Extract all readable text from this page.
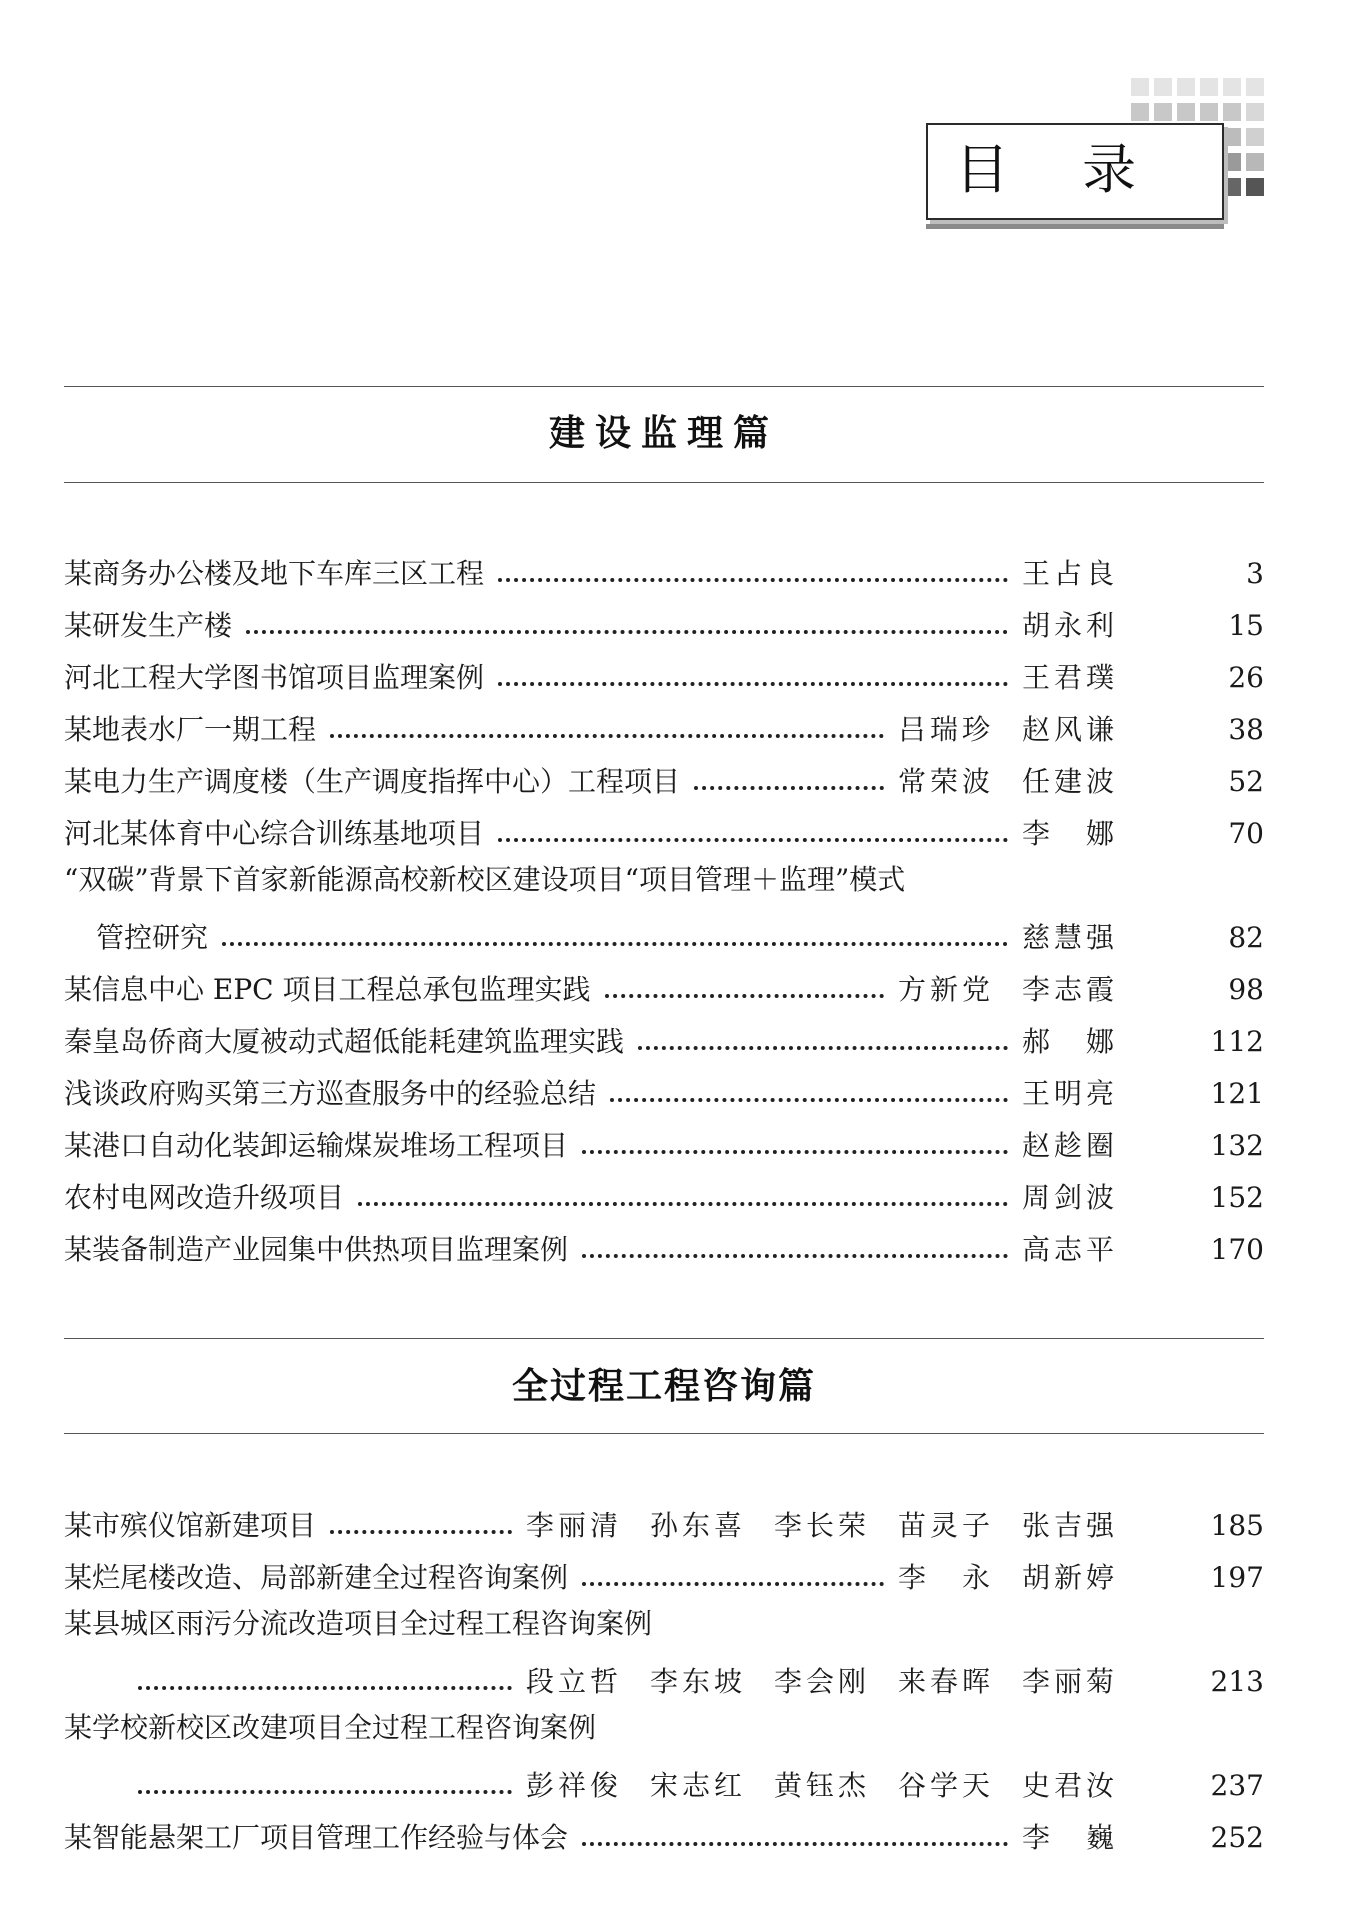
目 录
建设监理篇
某商务办公楼及地下车库三区工程	王占良	3
某研发生产楼	胡永利	15
河北工程大学图书馆项目监理案例	王君璞	26
某地表水厂一期工程	吕瑞珍 赵风谦	38
某电力生产调度楼（生产调度指挥中心）工程项目	常荣波 任建波	52
河北某体育中心综合训练基地项目	李　娜	70
“双碳”背景下首家新能源高校新校区建设项目“项目管理＋监理”模式
管控研究	慈慧强	82
某信息中心 EPC 项目工程总承包监理实践	方新党 李志霞	98
秦皇岛侨商大厦被动式超低能耗建筑监理实践	郝　娜	112
浅谈政府购买第三方巡查服务中的经验总结	王明亮	121
某港口自动化装卸运输煤炭堆场工程项目	赵趁圈	132
农村电网改造升级项目	周剑波	152
某装备制造产业园集中供热项目监理案例	高志平	170
全过程工程咨询篇
某市殡仪馆新建项目	李丽清 孙东喜 李长荣 苗灵子 张吉强	185
某烂尾楼改造、局部新建全过程咨询案例	李　永 胡新婷	197
某县城区雨污分流改造项目全过程工程咨询案例
段立哲 李东坡 李会刚 来春晖 李丽菊	213
某学校新校区改建项目全过程工程咨询案例
彭祥俊 宋志红 黄钰杰 谷学天 史君汝	237
某智能悬架工厂项目管理工作经验与体会	李　巍	252
